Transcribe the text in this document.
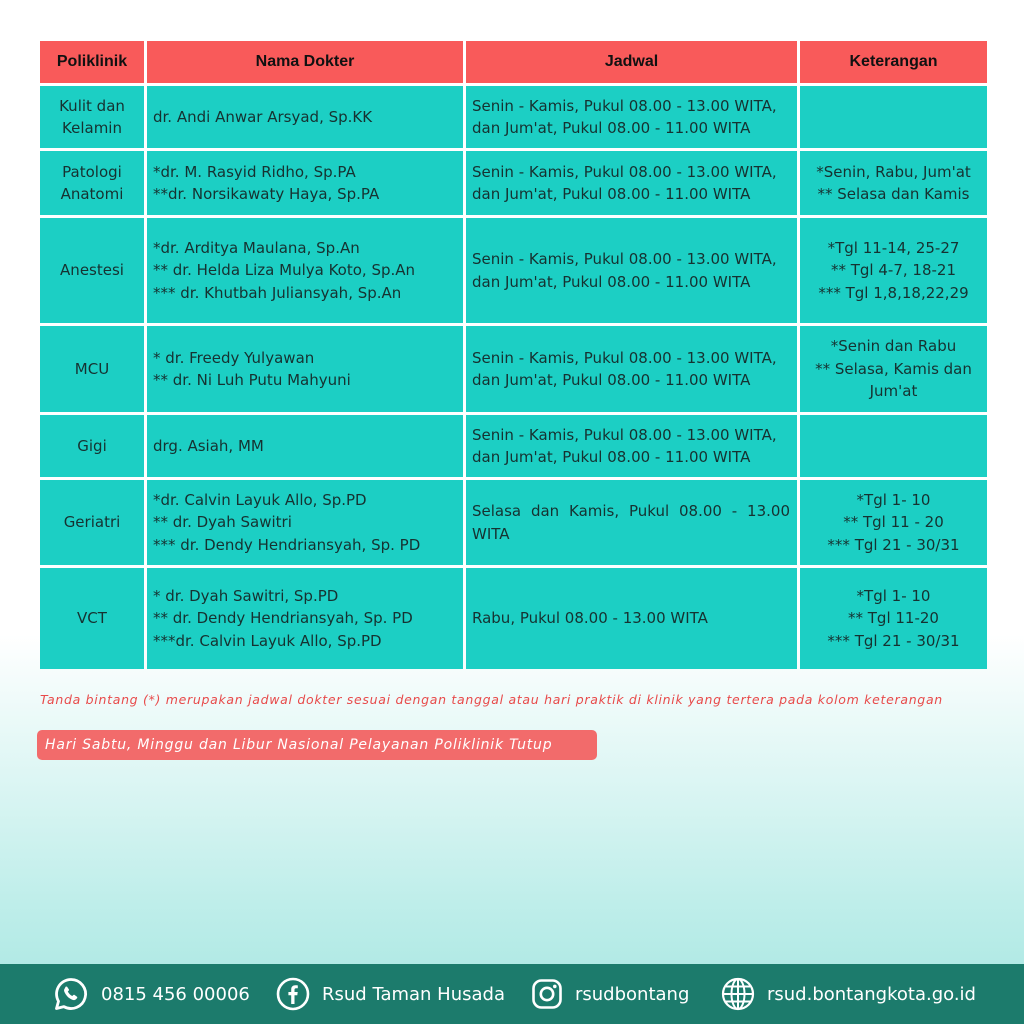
Poliklinik	Nama Dokter	Jadwal	Keterangan

Kulit dan
Kelamin	dr. Andi Anwar Arsyad, Sp.KK	Senin - Kamis, Pukul 08.00 - 13.00 WITA,
dan Jum'at, Pukul 08.00 - 11.00 WITA	

Patologi
Anatomi	*dr. M. Rasyid Ridho, Sp.PA
**dr. Norsikawaty Haya, Sp.PA	Senin - Kamis, Pukul 08.00 - 13.00 WITA,
dan Jum'at, Pukul 08.00 - 11.00 WITA	*Senin, Rabu, Jum'at
** Selasa dan Kamis

Anestesi	*dr. Arditya Maulana, Sp.An
** dr. Helda Liza Mulya Koto, Sp.An
*** dr. Khutbah Juliansyah, Sp.An	Senin - Kamis, Pukul 08.00 - 13.00 WITA,
dan Jum'at, Pukul 08.00 - 11.00 WITA	*Tgl 11-14, 25-27
** Tgl 4-7, 18-21
*** Tgl 1,8,18,22,29

MCU	* dr. Freedy Yulyawan
** dr. Ni Luh Putu Mahyuni	Senin - Kamis, Pukul 08.00 - 13.00 WITA,
dan Jum'at, Pukul 08.00 - 11.00 WITA	*Senin dan Rabu
** Selasa, Kamis dan
Jum'at

Gigi	drg. Asiah, MM	Senin - Kamis, Pukul 08.00 - 13.00 WITA,
dan Jum'at, Pukul 08.00 - 11.00 WITA	

Geriatri	*dr. Calvin Layuk Allo, Sp.PD
** dr. Dyah Sawitri
*** dr. Dendy Hendriansyah, Sp. PD	Selasa dan Kamis, Pukul 08.00 - 13.00 WITA	*Tgl 1- 10
** Tgl 11 - 20
*** Tgl 21 - 30/31

VCT	* dr. Dyah Sawitri, Sp.PD
** dr. Dendy Hendriansyah, Sp. PD
***dr. Calvin Layuk Allo, Sp.PD	Rabu, Pukul 08.00 - 13.00 WITA	*Tgl 1- 10
** Tgl 11-20
*** Tgl 21 - 30/31
Tanda bintang (*) merupakan jadwal dokter sesuai dengan tanggal atau hari praktik di klinik yang tertera pada kolom keterangan
Hari Sabtu, Minggu dan Libur Nasional Pelayanan Poliklinik Tutup
0815 456 00006	Rsud Taman Husada	rsudbontang	rsud.bontangkota.go.id
